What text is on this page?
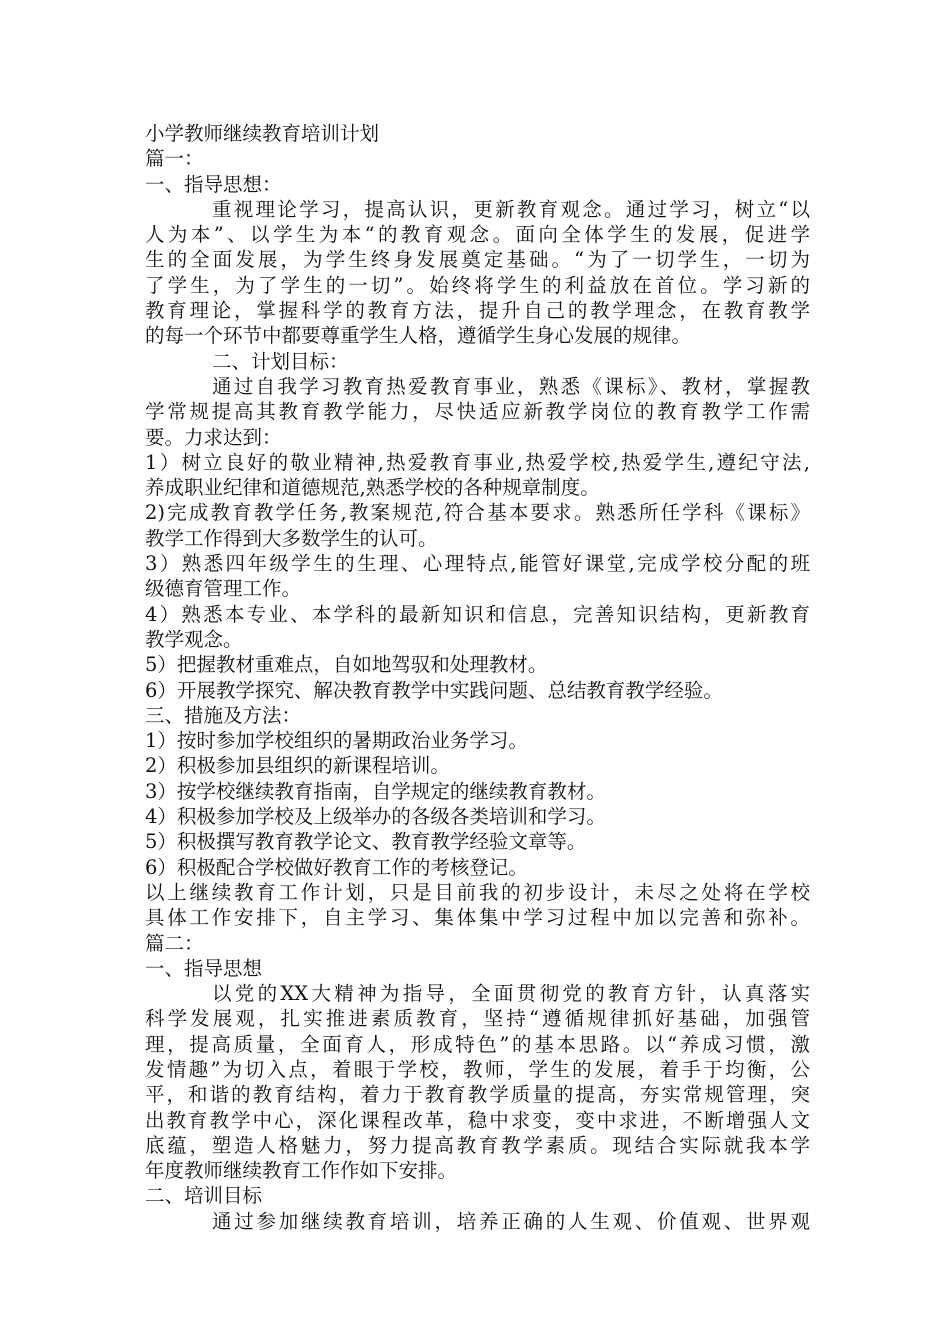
小学教师继续教育培训计划
篇一：
一、指导思想：
重视理论学习，提高认识，更新教育观念。通过学习，树立“以
人为本”、以学生为本“的教育观念。面向全体学生的发展，促进学
生的全面发展，为学生终身发展奠定基础。“为了一切学生，一切为
了学生，为了学生的一切”。始终将学生的利益放在首位。学习新的
教育理论，掌握科学的教育方法，提升自己的教学理念，在教育教学
的每一个环节中都要尊重学生人格，遵循学生身心发展的规律。
二、计划目标：
通过自我学习教育热爱教育事业，熟悉《课标》、教材，掌握教
学常规提高其教育教学能力，尽快适应新教学岗位的教育教学工作需
要。力求达到：
1）树立良好的敬业精神,热爱教育事业,热爱学校,热爱学生,遵纪守法,
养成职业纪律和道德规范,熟悉学校的各种规章制度。
2)完成教育教学任务,教案规范,符合基本要求。熟悉所任学科《课标》
教学工作得到大多数学生的认可。
3）熟悉四年级学生的生理、心理特点,能管好课堂,完成学校分配的班
级德育管理工作。
4）熟悉本专业、本学科的最新知识和信息，完善知识结构，更新教育
教学观念。
5）把握教材重难点，自如地驾驭和处理教材。
6）开展教学探究、解决教育教学中实践问题、总结教育教学经验。
三、措施及方法：
1）按时参加学校组织的暑期政治业务学习。
2）积极参加县组织的新课程培训。
3）按学校继续教育指南，自学规定的继续教育教材。
4）积极参加学校及上级举办的各级各类培训和学习。
5）积极撰写教育教学论文、教育教学经验文章等。
6）积极配合学校做好教育工作的考核登记。
以上继续教育工作计划，只是目前我的初步设计，未尽之处将在学校
具体工作安排下，自主学习、集体集中学习过程中加以完善和弥补。
篇二：
一、指导思想
以党的XX大精神为指导，全面贯彻党的教育方针，认真落实
科学发展观，扎实推进素质教育，坚持“遵循规律抓好基础，加强管
理，提高质量，全面育人，形成特色”的基本思路。以“养成习惯，激
发情趣”为切入点，着眼于学校，教师，学生的发展，着手于均衡，公
平，和谐的教育结构，着力于教育教学质量的提高，夯实常规管理，突
出教育教学中心，深化课程改革，稳中求变，变中求进，不断增强人文
底蕴，塑造人格魅力，努力提高教育教学素质。现结合实际就我本学
年度教师继续教育工作作如下安排。
二、培训目标
通过参加继续教育培训，培养正确的人生观、价值观、世界观
